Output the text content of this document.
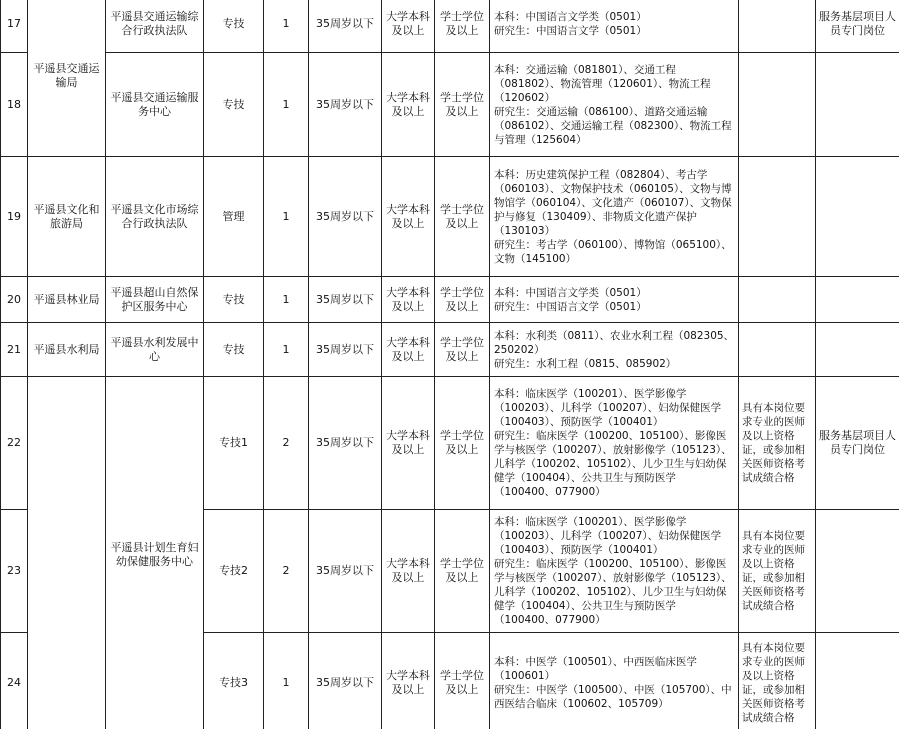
17	平遥县交通运输局	平遥县交通运输综合行政执法队	专技	1	35周岁以下	大学本科及以上	学士学位及以上	本科：中国语言文学类（0501）
研究生：中国语言文学（0501）		服务基层项目人员专门岗位
18		平遥县交通运输服务中心	专技	1	35周岁以下	大学本科及以上	学士学位及以上	本科：交通运输（081801）、交通工程（081802）、物流管理（120601）、物流工程（120602）
研究生：交通运输（086100）、道路交通运输（086102）、交通运输工程（082300）、物流工程与管理（125604）		
19	平遥县文化和旅游局	平遥县文化市场综合行政执法队	管理	1	35周岁以下	大学本科及以上	学士学位及以上	本科：历史建筑保护工程（082804）、考古学（060103）、文物保护技术（060105）、文物与博物馆学（060104）、文化遗产（060107）、文物保护与修复（130409）、非物质文化遗产保护（130103）
研究生：考古学（060100）、博物馆（065100）、文物（145100）		
20	平遥县林业局	平遥县超山自然保护区服务中心	专技	1	35周岁以下	大学本科及以上	学士学位及以上	本科：中国语言文学类（0501）
研究生：中国语言文学（0501）		
21	平遥县水利局	平遥县水利发展中心	专技	1	35周岁以下	大学本科及以上	学士学位及以上	本科：水利类（0811）、农业水利工程（082305、250202）
研究生：水利工程（0815、085902）		
22		平遥县计划生育妇幼保健服务中心	专技1	2	35周岁以下	大学本科及以上	学士学位及以上	本科：临床医学（100201）、医学影像学（100203）、儿科学（100207）、妇幼保健医学（100403）、预防医学（100401）
研究生：临床医学（100200、105100）、影像医学与核医学（100207）、放射影像学（105123）、儿科学（100202、105102）、儿少卫生与妇幼保健学（100404）、公共卫生与预防医学（100400、077900）	具有本岗位要求专业的医师及以上资格证，或参加相关医师资格考试成绩合格	服务基层项目人员专门岗位
23			专技2	2	35周岁以下	大学本科及以上	学士学位及以上	本科：临床医学（100201）、医学影像学（100203）、儿科学（100207）、妇幼保健医学（100403）、预防医学（100401）
研究生：临床医学（100200、105100）、影像医学与核医学（100207）、放射影像学（105123）、儿科学（100202、105102）、儿少卫生与妇幼保健学（100404）、公共卫生与预防医学（100400、077900）	具有本岗位要求专业的医师及以上资格证，或参加相关医师资格考试成绩合格	
24			专技3	1	35周岁以下	大学本科及以上	学士学位及以上	本科：中医学（100501）、中西医临床医学（100601）
研究生：中医学（100500）、中医（105700）、中西医结合临床（100602、105709）	具有本岗位要求专业的医师及以上资格证，或参加相关医师资格考试成绩合格	
